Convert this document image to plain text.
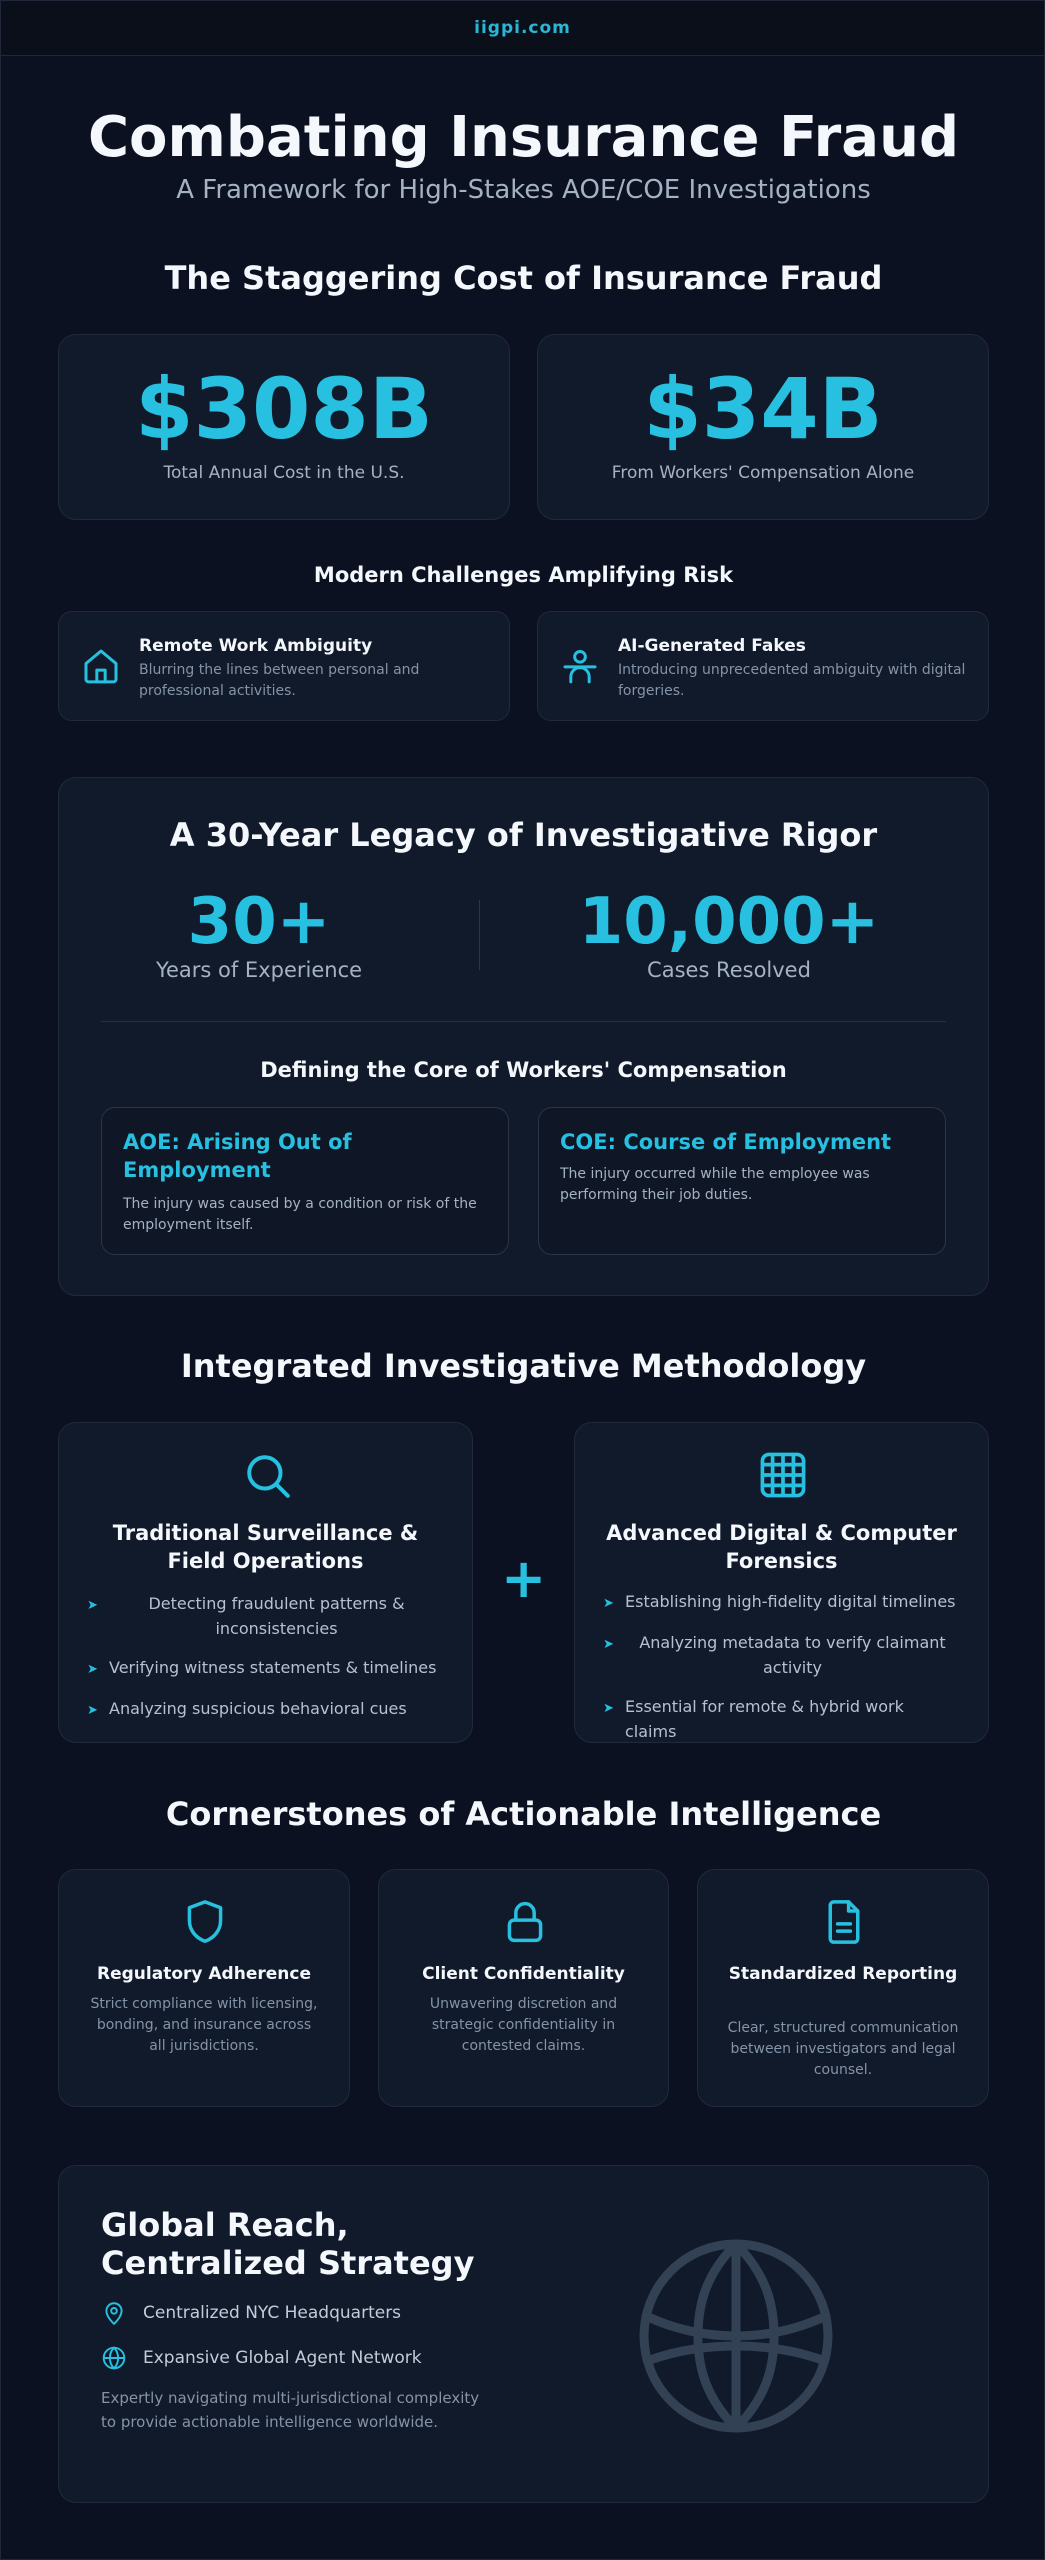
iigpi.com
Combating Insurance Fraud
A Framework for High-Stakes AOE/COE Investigations
The Staggering Cost of Insurance Fraud
$308B
Total Annual Cost in the U.S.
$34B
From Workers' Compensation Alone
Modern Challenges Amplifying Risk
Remote Work Ambiguity
Blurring the lines between personal and professional activities.
AI-Generated Fakes
Introducing unprecedented ambiguity with digital forgeries.
A 30-Year Legacy of Investigative Rigor
30+
Years of Experience
10,000+
Cases Resolved
Defining the Core of Workers' Compensation
AOE: Arising Out of Employment
The injury was caused by a condition or risk of the employment itself.
COE: Course of Employment
The injury occurred while the employee was performing their job duties.
Integrated Investigative Methodology
Traditional Surveillance & Field Operations
➤	Detecting fraudulent patterns & inconsistencies
➤ Verifying witness statements & timelines
➤ Analyzing suspicious behavioral cues
+
Advanced Digital & Computer Forensics
➤ Establishing high-fidelity digital timelines
➤	Analyzing metadata to verify claimant activity
➤ Essential for remote & hybrid work claims
Cornerstones of Actionable Intelligence
Regulatory Adherence
Strict compliance with licensing, bonding, and insurance across all jurisdictions.
Client Confidentiality
Unwavering discretion and strategic confidentiality in contested claims.
Standardized Reporting
Clear, structured communication between investigators and legal counsel.
Global Reach,
Centralized Strategy
Centralized NYC Headquarters
Expansive Global Agent Network
Expertly navigating multi-jurisdictional complexity to provide actionable intelligence worldwide.
